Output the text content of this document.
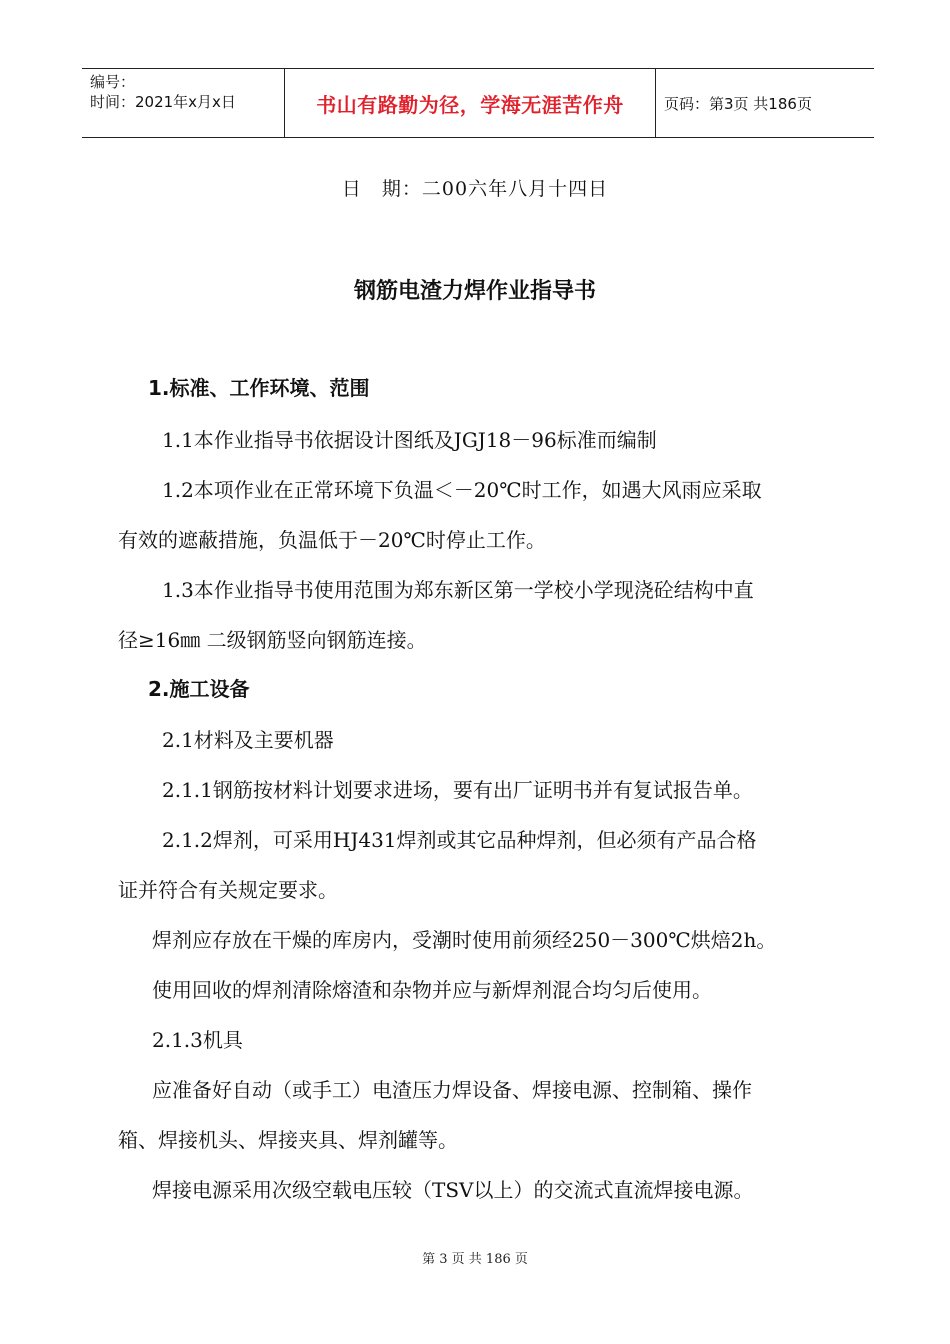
编号：
时间：2021年x月x日	书山有路勤为径，学海无涯苦作舟	页码：第3页 共186页
日　期：二00六年八月十四日
钢筋电渣力焊作业指导书
1.标准、工作环境、范围
1.1本作业指导书依据设计图纸及JGJ18－96标准而编制
1.2本项作业在正常环境下负温＜－20℃时工作，如遇大风雨应采取
有效的遮蔽措施，负温低于－20℃时停止工作。
1.3本作业指导书使用范围为郑东新区第一学校小学现浇砼结构中直
径≥16㎜ 二级钢筋竖向钢筋连接。
2.施工设备
2.1材料及主要机器
2.1.1钢筋按材料计划要求进场，要有出厂证明书并有复试报告单。
2.1.2焊剂，可采用HJ431焊剂或其它品种焊剂，但必须有产品合格
证并符合有关规定要求。
焊剂应存放在干燥的库房内，受潮时使用前须经250－300℃烘焙2h。
使用回收的焊剂清除熔渣和杂物并应与新焊剂混合均匀后使用。
2.1.3机具
应准备好自动（或手工）电渣压力焊设备、焊接电源、控制箱、操作
箱、焊接机头、焊接夹具、焊剂罐等。
焊接电源采用次级空载电压较（TSV以上）的交流式直流焊接电源。
第 3 页 共 186 页
